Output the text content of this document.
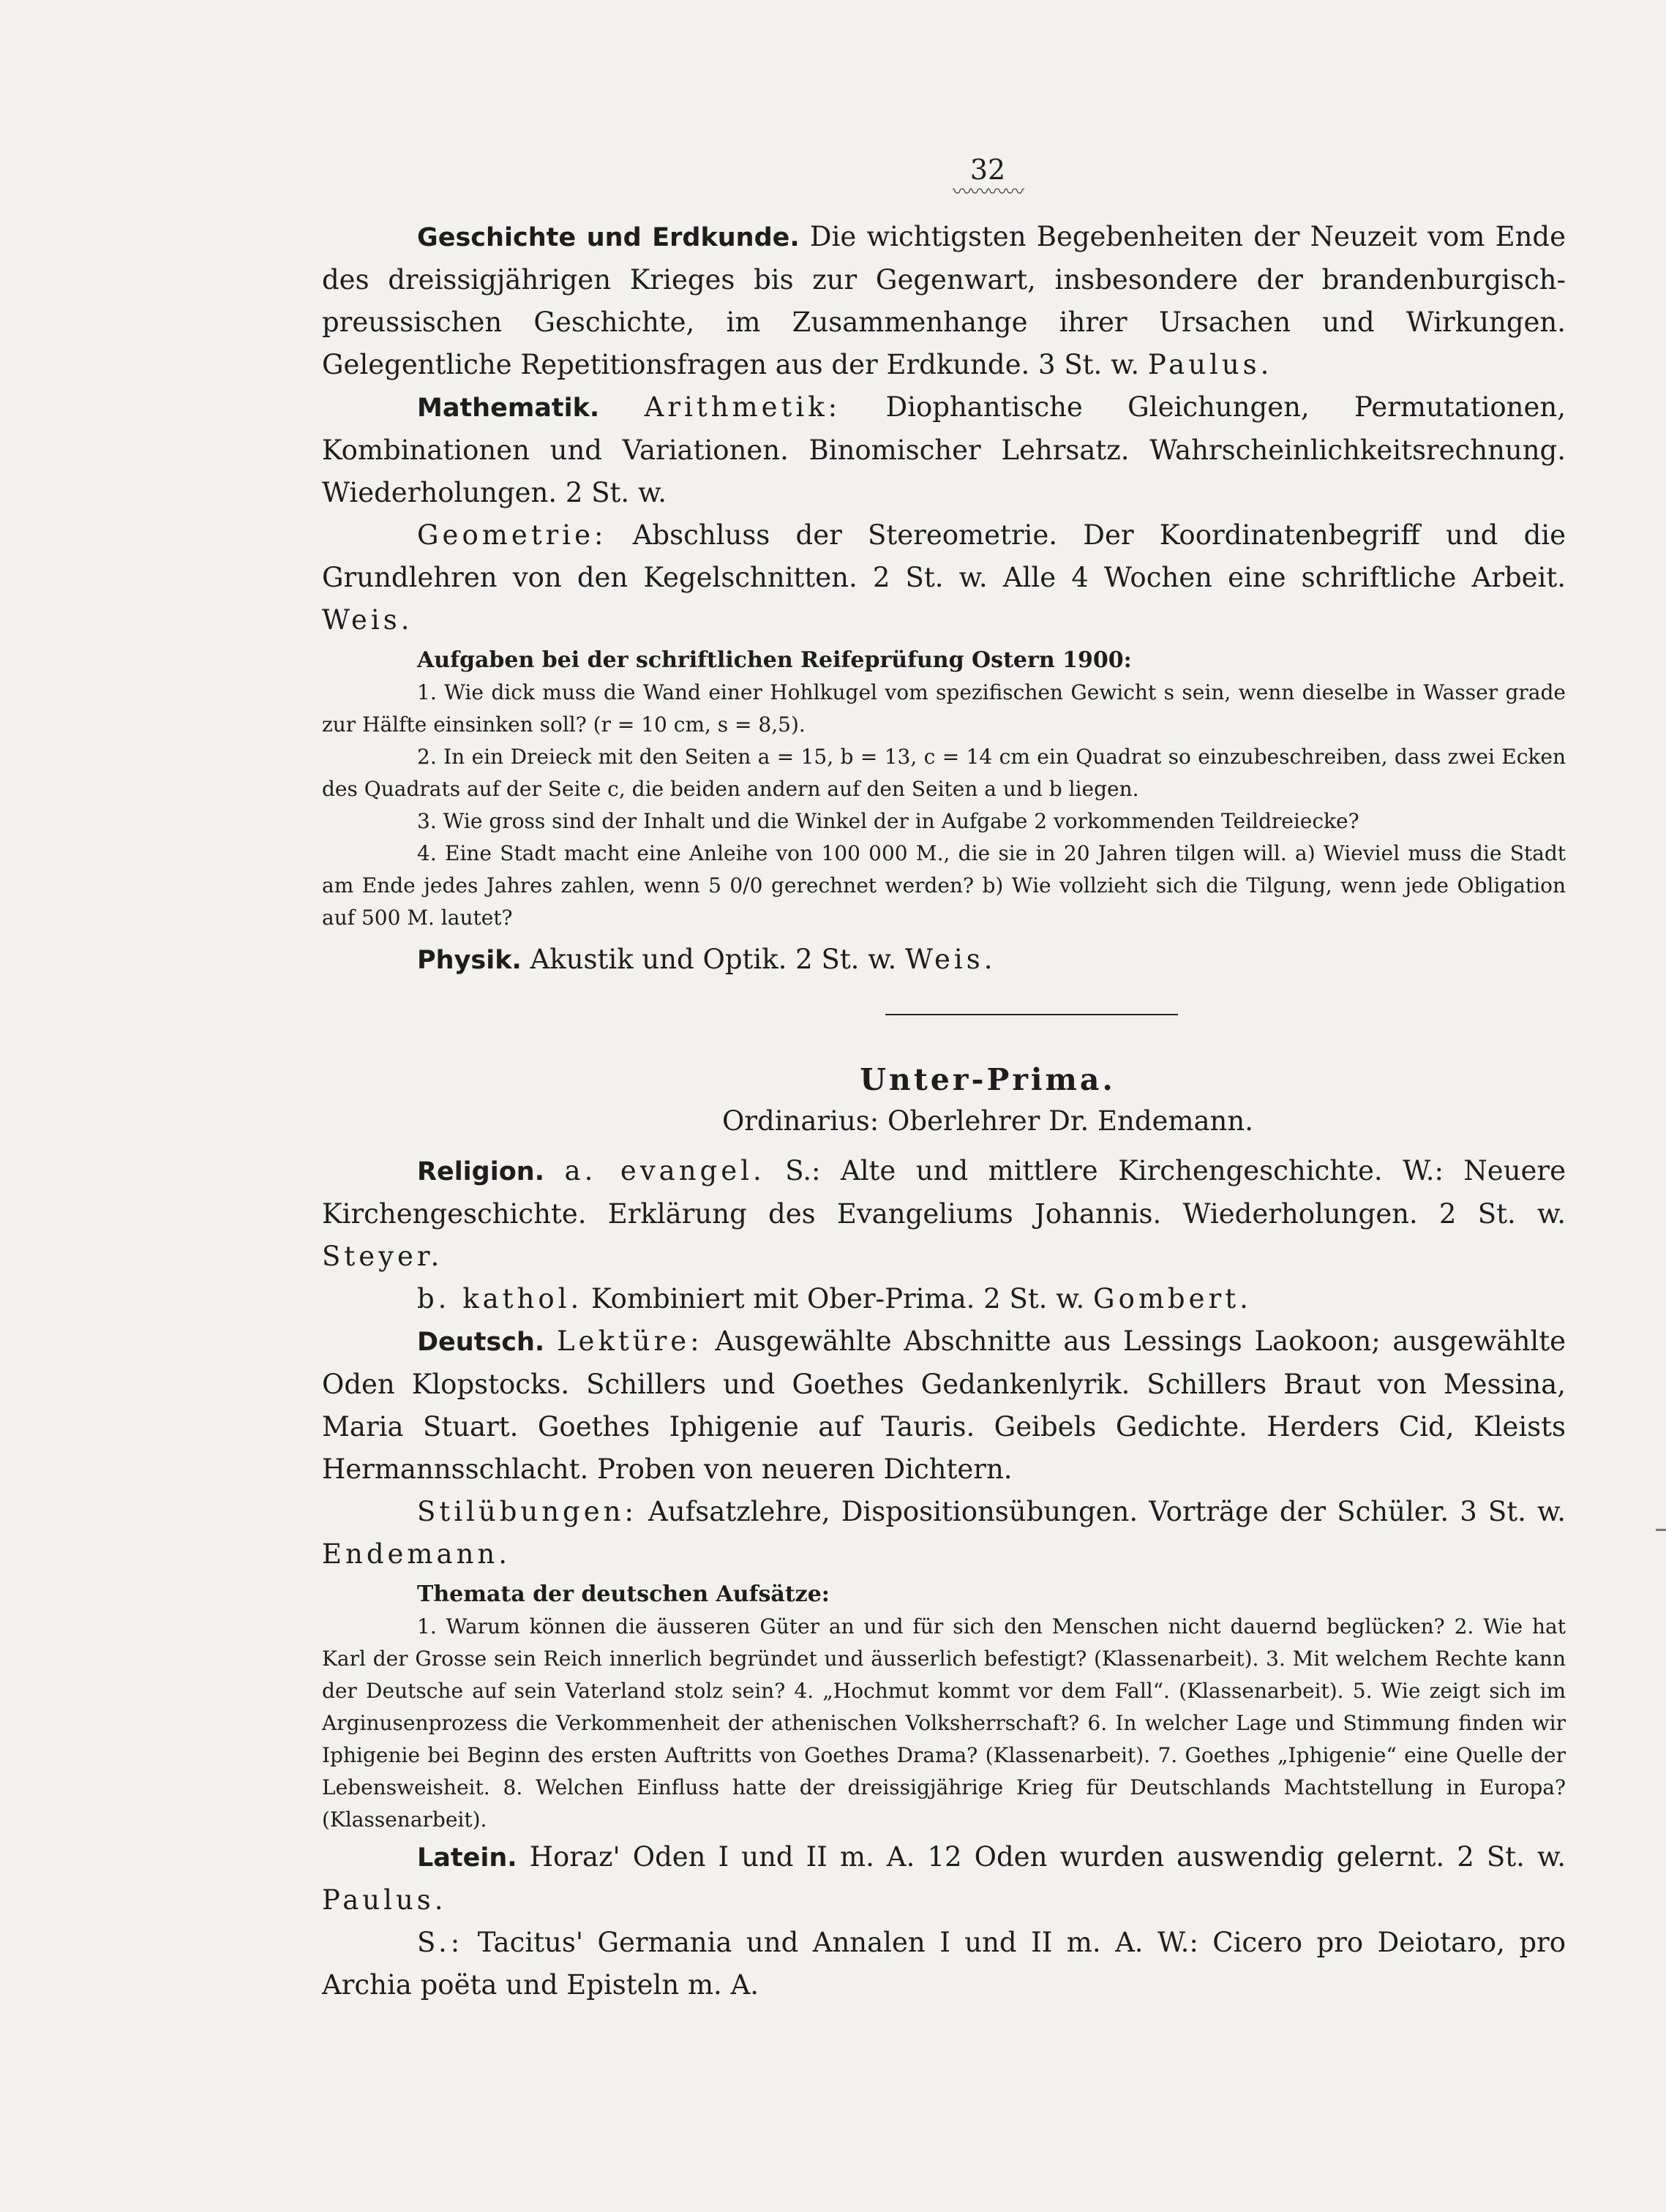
32
〰〰〰〰

Geschichte und Erdkunde. Die wichtigsten Begebenheiten der Neuzeit vom Ende des dreissigjährigen Krieges bis zur Gegenwart, insbesondere der brandenburgisch-preussischen Geschichte, im Zusammenhange ihrer Ursachen und Wirkungen. Gelegentliche Repetitionsfragen aus der Erdkunde. 3 St. w. Paulus.

Mathematik. Arithmetik: Diophantische Gleichungen, Permutationen, Kombinationen und Variationen. Binomischer Lehrsatz. Wahrscheinlichkeitsrechnung. Wiederholungen. 2 St. w.

Geometrie: Abschluss der Stereometrie. Der Koordinatenbegriff und die Grundlehren von den Kegelschnitten. 2 St. w. Alle 4 Wochen eine schriftliche Arbeit. Weis.

Aufgaben bei der schriftlichen Reifeprüfung Ostern 1900:

1. Wie dick muss die Wand einer Hohlkugel vom spezifischen Gewicht s sein, wenn dieselbe in Wasser grade zur Hälfte einsinken soll? (r = 10 cm, s = 8,5).

2. In ein Dreieck mit den Seiten a = 15, b = 13, c = 14 cm ein Quadrat so einzubeschreiben, dass zwei Ecken des Quadrats auf der Seite c, die beiden andern auf den Seiten a und b liegen.

3. Wie gross sind der Inhalt und die Winkel der in Aufgabe 2 vorkommenden Teildreiecke?

4. Eine Stadt macht eine Anleihe von 100 000 M., die sie in 20 Jahren tilgen will. a) Wieviel muss die Stadt am Ende jedes Jahres zahlen, wenn 5 0/0 gerechnet werden? b) Wie vollzieht sich die Tilgung, wenn jede Obligation auf 500 M. lautet?

Physik. Akustik und Optik. 2 St. w. Weis.

Unter-Prima.
Ordinarius: Oberlehrer Dr. Endemann.

Religion. a. evangel. S.: Alte und mittlere Kirchengeschichte. W.: Neuere Kirchengeschichte. Erklärung des Evangeliums Johannis. Wiederholungen. 2 St. w. Steyer.

b. kathol. Kombiniert mit Ober-Prima. 2 St. w. Gombert.

Deutsch. Lektüre: Ausgewählte Abschnitte aus Lessings Laokoon; ausgewählte Oden Klopstocks. Schillers und Goethes Gedankenlyrik. Schillers Braut von Messina, Maria Stuart. Goethes Iphigenie auf Tauris. Geibels Gedichte. Herders Cid, Kleists Hermannsschlacht. Proben von neueren Dichtern.

Stilübungen: Aufsatzlehre, Dispositionsübungen. Vorträge der Schüler. 3 St. w. Endemann.

Themata der deutschen Aufsätze:

1. Warum können die äusseren Güter an und für sich den Menschen nicht dauernd beglücken? 2. Wie hat Karl der Grosse sein Reich innerlich begründet und äusserlich befestigt? (Klassenarbeit). 3. Mit welchem Rechte kann der Deutsche auf sein Vaterland stolz sein? 4. „Hochmut kommt vor dem Fall“. (Klassenarbeit). 5. Wie zeigt sich im Arginusenprozess die Verkommenheit der athenischen Volksherrschaft? 6. In welcher Lage und Stimmung finden wir Iphigenie bei Beginn des ersten Auftritts von Goethes Drama? (Klassenarbeit). 7. Goethes „Iphigenie“ eine Quelle der Lebensweisheit. 8. Welchen Einfluss hatte der dreissigjährige Krieg für Deutschlands Machtstellung in Europa? (Klassenarbeit).

Latein. Horaz' Oden I und II m. A. 12 Oden wurden auswendig gelernt. 2 St. w. Paulus.

S.: Tacitus' Germania und Annalen I und II m. A. W.: Cicero pro Deiotaro, pro Archia poëta und Episteln m. A.
